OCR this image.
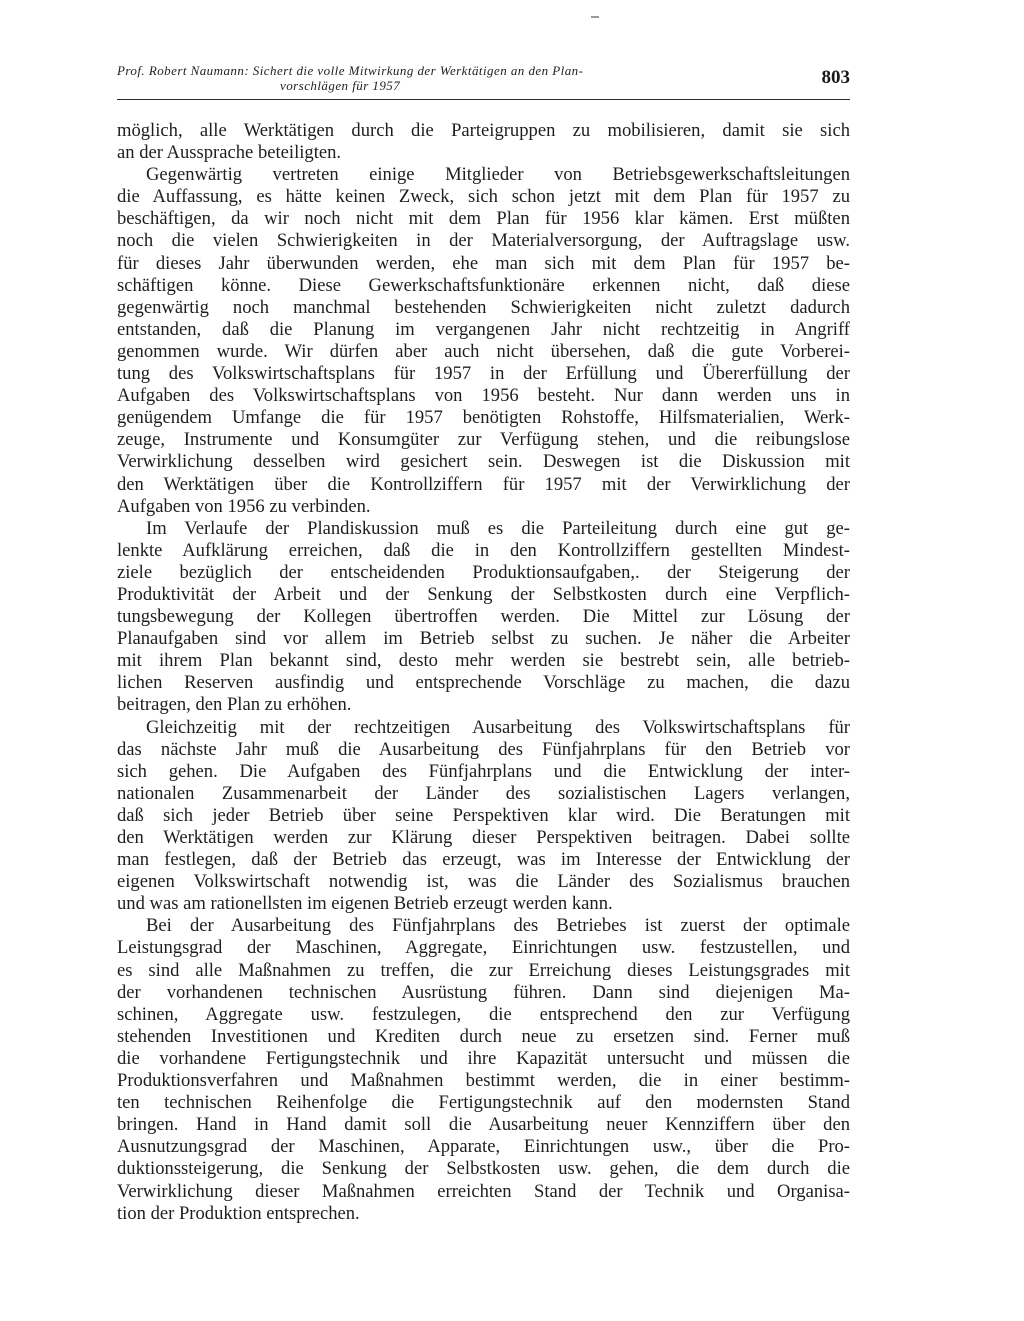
Prof. Robert Naumann: Sichert die volle Mitwirkung der Werktätigen an den Plan-
vorschlägen für 1957	803
möglich, alle Werktätigen durch die Parteigruppen zu mobilisieren, damit sie sich
an der Aussprache beteiligten.
Gegenwärtig vertreten einige Mitglieder von Betriebsgewerkschaftsleitungen
die Auffassung, es hätte keinen Zweck, sich schon jetzt mit dem Plan für 1957 zu
beschäftigen, da wir noch nicht mit dem Plan für 1956 klar kämen. Erst müßten
noch die vielen Schwierigkeiten in der Materialversorgung, der Auftragslage usw.
für dieses Jahr überwunden werden, ehe man sich mit dem Plan für 1957 be-
schäftigen könne. Diese Gewerkschaftsfunktionäre erkennen nicht, daß diese
gegenwärtig noch manchmal bestehenden Schwierigkeiten nicht zuletzt dadurch
entstanden, daß die Planung im vergangenen Jahr nicht rechtzeitig in Angriff
genommen wurde. Wir dürfen aber auch nicht übersehen, daß die gute Vorberei-
tung des Volkswirtschaftsplans für 1957 in der Erfüllung und Übererfüllung der
Aufgaben des Volkswirtschaftsplans von 1956 besteht. Nur dann werden uns in
genügendem Umfange die für 1957 benötigten Rohstoffe, Hilfsmaterialien, Werk-
zeuge, Instrumente und Konsumgüter zur Verfügung stehen, und die reibungslose
Verwirklichung desselben wird gesichert sein. Deswegen ist die Diskussion mit
den Werktätigen über die Kontrollziffern für 1957 mit der Verwirklichung der
Aufgaben von 1956 zu verbinden.
Im Verlaufe der Plandiskussion muß es die Parteileitung durch eine gut ge-
lenkte Aufklärung erreichen, daß die in den Kontrollziffern gestellten Mindest-
ziele bezüglich der entscheidenden Produktionsaufgaben,. der Steigerung der
Produktivität der Arbeit und der Senkung der Selbstkosten durch eine Verpflich-
tungsbewegung der Kollegen übertroffen werden. Die Mittel zur Lösung der
Planaufgaben sind vor allem im Betrieb selbst zu suchen. Je näher die Arbeiter
mit ihrem Plan bekannt sind, desto mehr werden sie bestrebt sein, alle betrieb-
lichen Reserven ausfindig und entsprechende Vorschläge zu machen, die dazu
beitragen, den Plan zu erhöhen.
Gleichzeitig mit der rechtzeitigen Ausarbeitung des Volkswirtschaftsplans für
das nächste Jahr muß die Ausarbeitung des Fünfjahrplans für den Betrieb vor
sich gehen. Die Aufgaben des Fünfjahrplans und die Entwicklung der inter-
nationalen Zusammenarbeit der Länder des sozialistischen Lagers verlangen,
daß sich jeder Betrieb über seine Perspektiven klar wird. Die Beratungen mit
den Werktätigen werden zur Klärung dieser Perspektiven beitragen. Dabei sollte
man festlegen, daß der Betrieb das erzeugt, was im Interesse der Entwicklung der
eigenen Volkswirtschaft notwendig ist, was die Länder des Sozialismus brauchen
und was am rationellsten im eigenen Betrieb erzeugt werden kann.
Bei der Ausarbeitung des Fünfjahrplans des Betriebes ist zuerst der optimale
Leistungsgrad der Maschinen, Aggregate, Einrichtungen usw. festzustellen, und
es sind alle Maßnahmen zu treffen, die zur Erreichung dieses Leistungsgrades mit
der vorhandenen technischen Ausrüstung führen. Dann sind diejenigen Ma-
schinen, Aggregate usw. festzulegen, die entsprechend den zur Verfügung
stehenden Investitionen und Krediten durch neue zu ersetzen sind. Ferner muß
die vorhandene Fertigungstechnik und ihre Kapazität untersucht und müssen die
Produktionsverfahren und Maßnahmen bestimmt werden, die in einer bestimm-
ten technischen Reihenfolge die Fertigungstechnik auf den modernsten Stand
bringen. Hand in Hand damit soll die Ausarbeitung neuer Kennziffern über den
Ausnutzungsgrad der Maschinen, Apparate, Einrichtungen usw., über die Pro-
duktionssteigerung, die Senkung der Selbstkosten usw. gehen, die dem durch die
Verwirklichung dieser Maßnahmen erreichten Stand der Technik und Organisa-
tion der Produktion entsprechen.
